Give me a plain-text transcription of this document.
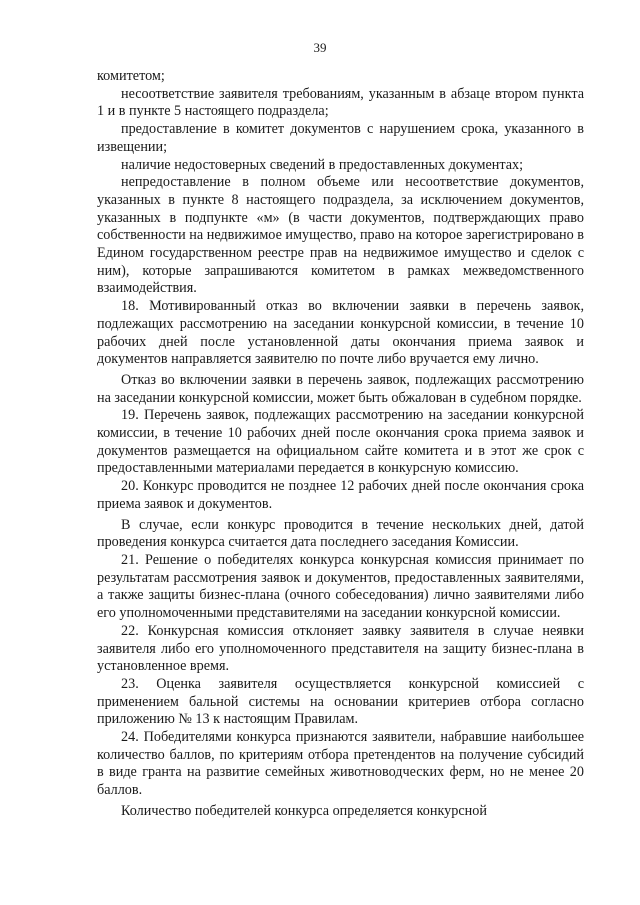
39

комитетом;

несоответствие заявителя требованиям, указанным в абзаце втором пункта 1 и в пункте 5 настоящего подраздела;

предоставление в комитет документов с нарушением срока, указанного в извещении;

наличие недостоверных сведений в предоставленных документах;

непредоставление в полном объеме или несоответствие документов, указанных в пункте 8 настоящего подраздела, за исключением документов, указанных в подпункте «м» (в части документов, подтверждающих право собственности на недвижимое имущество, право на которое зарегистрировано в Едином государственном реестре прав на недвижимое имущество и сделок с ним), которые запрашиваются комитетом в рамках межведомственного взаимодействия.

18. Мотивированный отказ во включении заявки в перечень заявок, подлежащих рассмотрению на заседании конкурсной комиссии, в течение 10 рабочих дней после установленной даты окончания приема заявок и документов направляется заявителю по почте либо вручается ему лично.

Отказ во включении заявки в перечень заявок, подлежащих рассмотрению на заседании конкурсной комиссии, может быть обжалован в судебном порядке.

19. Перечень заявок, подлежащих рассмотрению на заседании конкурсной комиссии, в течение 10 рабочих дней после окончания срока приема заявок и документов размещается на официальном сайте комитета и в этот же срок с предоставленными материалами передается в конкурсную комиссию.

20. Конкурс проводится не позднее 12 рабочих дней после окончания срока приема заявок и документов.

В случае, если конкурс проводится в течение нескольких дней, датой проведения конкурса считается дата последнего заседания Комиссии.

21. Решение о победителях конкурса конкурсная комиссия принимает по результатам рассмотрения заявок и документов, предоставленных заявителями, а также защиты бизнес-плана (очного собеседования) лично заявителями либо его уполномоченными представителями на заседании конкурсной комиссии.

22. Конкурсная комиссия отклоняет заявку заявителя в случае неявки заявителя либо его уполномоченного представителя на защиту бизнес-плана в установленное время.

23. Оценка заявителя осуществляется конкурсной комиссией с применением бальной системы на основании критериев отбора согласно приложению № 13 к настоящим Правилам.

24. Победителями конкурса признаются заявители, набравшие наибольшее количество баллов, по критериям отбора претендентов на получение субсидий в виде гранта на развитие семейных животноводческих ферм, но не менее 20 баллов.

Количество победителей конкурса определяется конкурсной
